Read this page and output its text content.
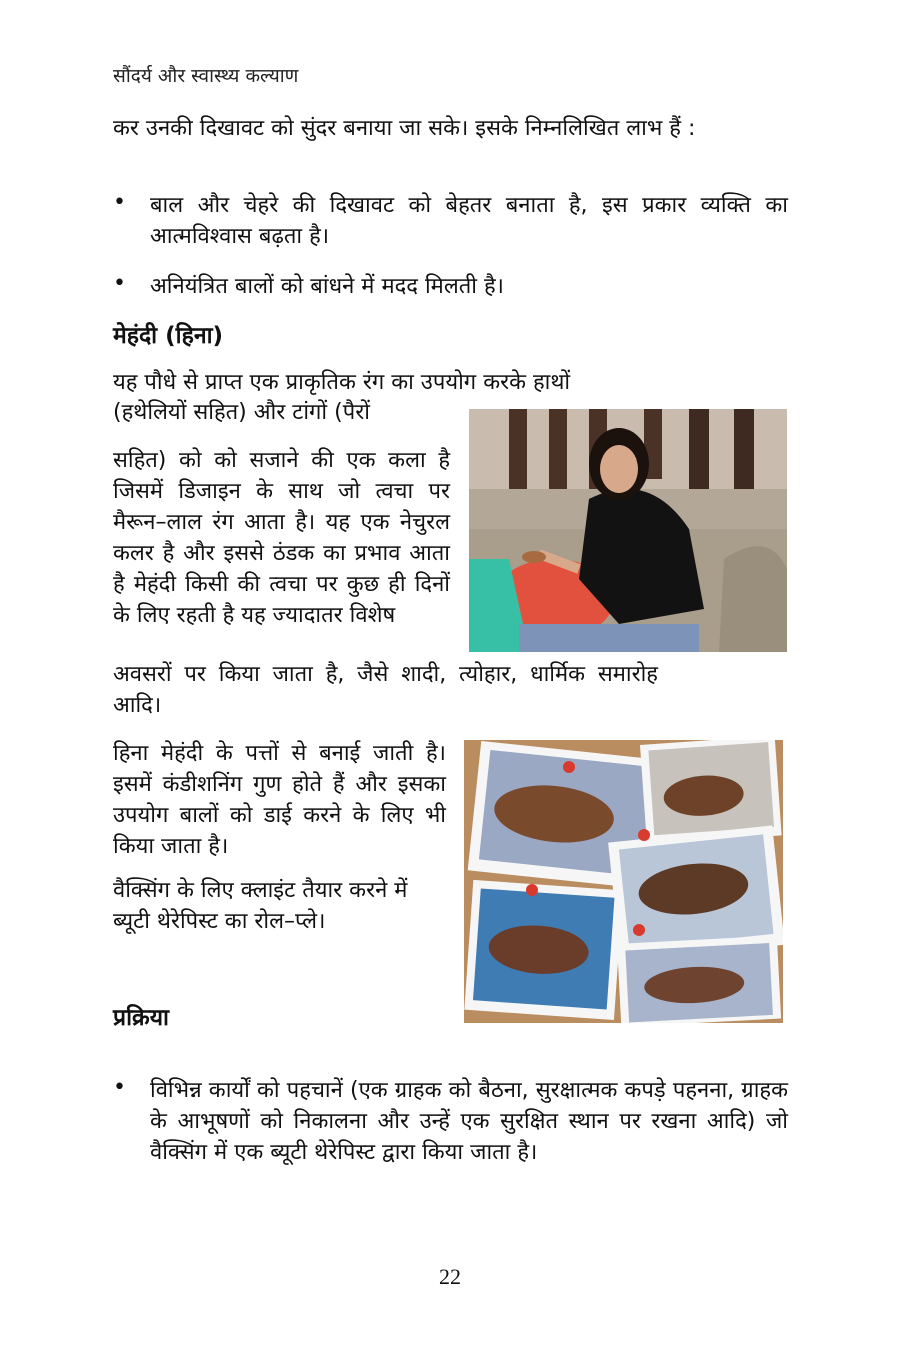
सौंदर्य और स्वास्थ्य कल्याण
कर उनकी दिखावट को सुंदर बनाया जा सके। इसके निम्नलिखित लाभ हैं :
• बाल और चेहरे की दिखावट को बेहतर बनाता है, इस प्रकार व्यक्ति का आत्मविश्वास बढ़ता है।
• अनियंत्रित बालों को बांधने में मदद मिलती है।
मेहंदी (हिना)
यह पौधे से प्राप्त एक प्राकृतिक रंग का उपयोग करके हाथों
(हथेलियों सहित) और टांगों (पैरों
सहित) को को सजाने की एक कला है जिसमें डिजाइन के साथ जो त्वचा पर मैरून–लाल रंग आता है। यह एक नेचुरल कलर है और इससे ठंडक का प्रभाव आता है मेहंदी किसी की त्वचा पर कुछ ही दिनों के लिए रहती है यह ज्यादातर विशेष
अवसरों पर किया जाता है, जैसे शादी, त्योहार, धार्मिक समारोह आदि।
हिना मेहंदी के पत्तों से बनाई जाती है। इसमें कंडीशनिंग गुण होते हैं और इसका उपयोग बालों को डाई करने के लिए भी किया जाता है।
वैक्सिंग के लिए क्लाइंट तैयार करने में ब्यूटी थेरेपिस्ट का रोल–प्ले।
प्रक्रिया
• विभिन्न कार्यों को पहचानें (एक ग्राहक को बैठना, सुरक्षात्मक कपड़े पहनना, ग्राहक के आभूषणों को निकालना और उन्हें एक सुरक्षित स्थान पर रखना आदि) जो वैक्सिंग में एक ब्यूटी थेरेपिस्ट द्वारा किया जाता है।
22
